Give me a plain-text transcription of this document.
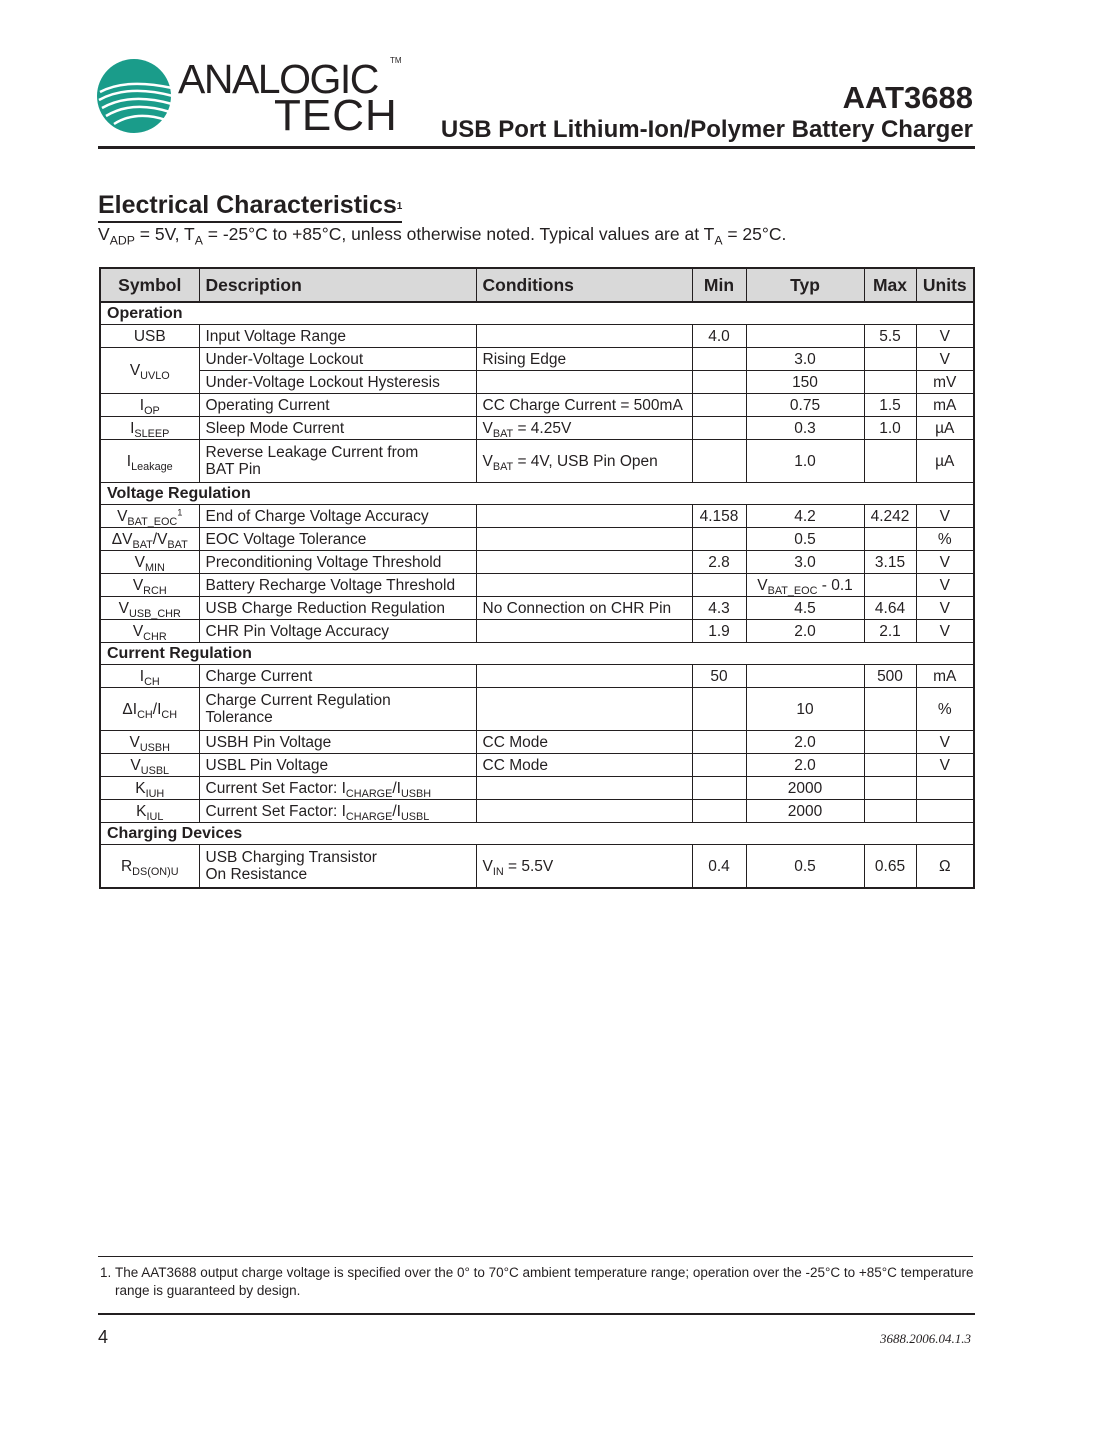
ANALOGIC
TECH
TM
AAT3688
USB Port Lithium-Ion/Polymer Battery Charger
Electrical Characteristics$^1$
$V_{ADP} = 5V$, $T_A = -25^\circ C$ to +85°C, unless otherwise noted. Typical values are at $T_A = 25^\circ C$.
Symbol	Description	Conditions	Min	Typ	Max	Units
Operation						
USB	Input Voltage Range		4.0		5.5	V
$V_{UVLO}$	Under-Voltage Lockout	Rising Edge		3.0		V
	Under-Voltage Lockout Hysteresis			150		mV
$I_{OP}$	Operating Current	CC Charge Current = 500mA		0.75	1.5	mA
$I_{SLEEP}$	Sleep Mode Current	$V_{BAT} = 4.25V$		0.3	1.0	µA
$I_{Leakage}$	Reverse Leakage Current from BAT Pin	$V_{BAT} = 4V$, USB Pin Open		1.0		µA
Voltage Regulation						
$V_{BAT\_EOC}^1$	End of Charge Voltage Accuracy		4.158	4.2	4.242	V
$\Delta V_{BAT}/V_{BAT}$	EOC Voltage Tolerance			0.5		%
$V_{MIN}$	Preconditioning Voltage Threshold		2.8	3.0	3.15	V
$V_{RCH}$	Battery Recharge Voltage Threshold			$V_{BAT\_EOC} - 0.1$		V
$V_{USB\_CHR}$	USB Charge Reduction Regulation	No Connection on CHR Pin	4.3	4.5	4.64	V
$V_{CHR}$	CHR Pin Voltage Accuracy		1.9	2.0	2.1	V
Current Regulation						
$I_{CH}$	Charge Current		50		500	mA
$\Delta I_{CH}/I_{CH}$	Charge Current Regulation Tolerance			10		%
$V_{USBH}$	USBH Pin Voltage	CC Mode		2.0		V
$V_{USBL}$	USBL Pin Voltage	CC Mode		2.0		V
$K_{IUH}$	Current Set Factor: $I_{CHARGE}/I_{USBH}$			2000		
$K_{IUL}$	Current Set Factor: $I_{CHARGE}/I_{USBL}$			2000		
Charging Devices						
$R_{DS(ON)U}$	USB Charging Transistor On Resistance	$V_{IN} = 5.5V$	0.4	0.5	0.65	Ω
1. The AAT3688 output charge voltage is specified over the 0° to 70°C ambient temperature range; operation over the -25°C to +85°C temperature range is guaranteed by design.
4	3688.2006.04.1.3
